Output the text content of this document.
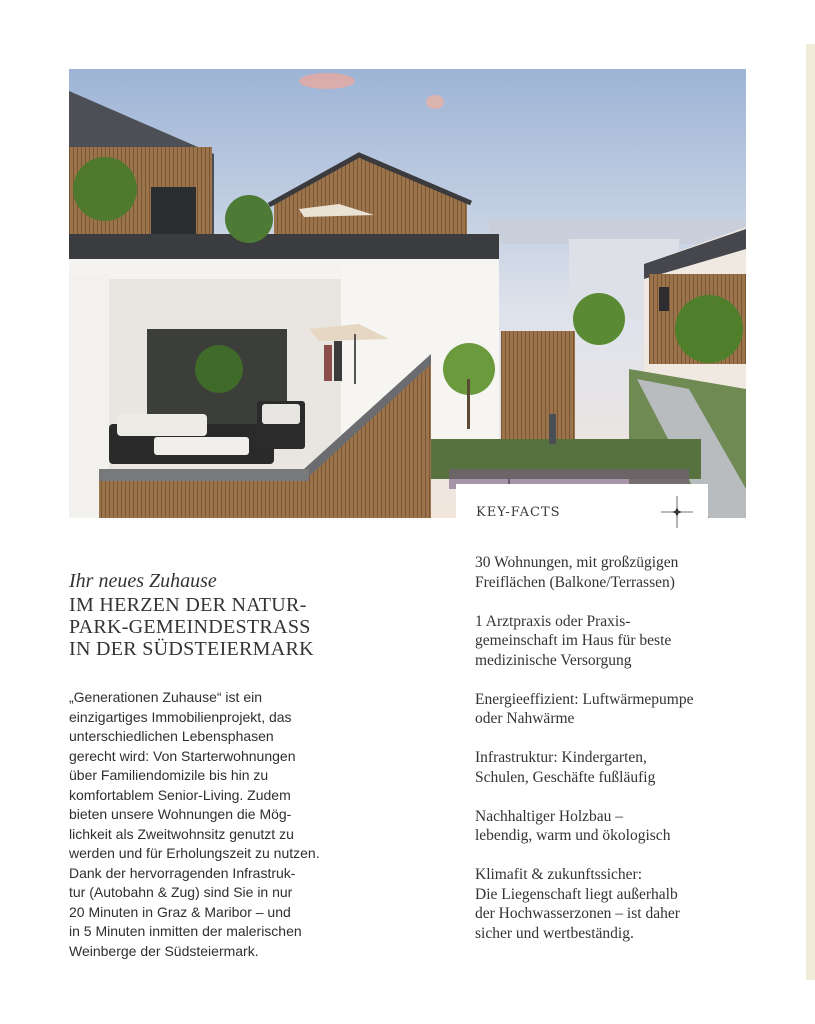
KEY-FACTS

Ihr neues Zuhause

IM HERZEN DER NATUR-
PARK-GEMEINDESTRASS
IN DER SÜDSTEIERMARK
„Generationen Zuhause“ ist ein
einzigartiges Immobilienprojekt, das
unterschiedlichen Lebensphasen
gerecht wird: Von Starterwohnungen
über Familiendomizile bis hin zu
komfortablem Senior-Living. Zudem
bieten unsere Wohnungen die Mög-
lichkeit als Zweitwohnsitz genutzt zu
werden und für Erholungszeit zu nutzen.
Dank der hervorragenden Infrastruk-
tur (Autobahn & Zug) sind Sie in nur
20 Minuten in Graz & Maribor – und
in 5 Minuten inmitten der malerischen
Weinberge der Südsteiermark.
30 Wohnungen, mit großzügigen
Freiflächen (Balkone/Terrassen)
1 Arztpraxis oder Praxis-
gemeinschaft im Haus für beste
medizinische Versorgung
Energieeffizient: Luftwärmepumpe
oder Nahwärme
Infrastruktur: Kindergarten,
Schulen, Geschäfte fußläufig
Nachhaltiger Holzbau –
lebendig, warm und ökologisch
Klimafit & zukunftssicher:
Die Liegenschaft liegt außerhalb
der Hochwasserzonen – ist daher
sicher und wertbeständig.
